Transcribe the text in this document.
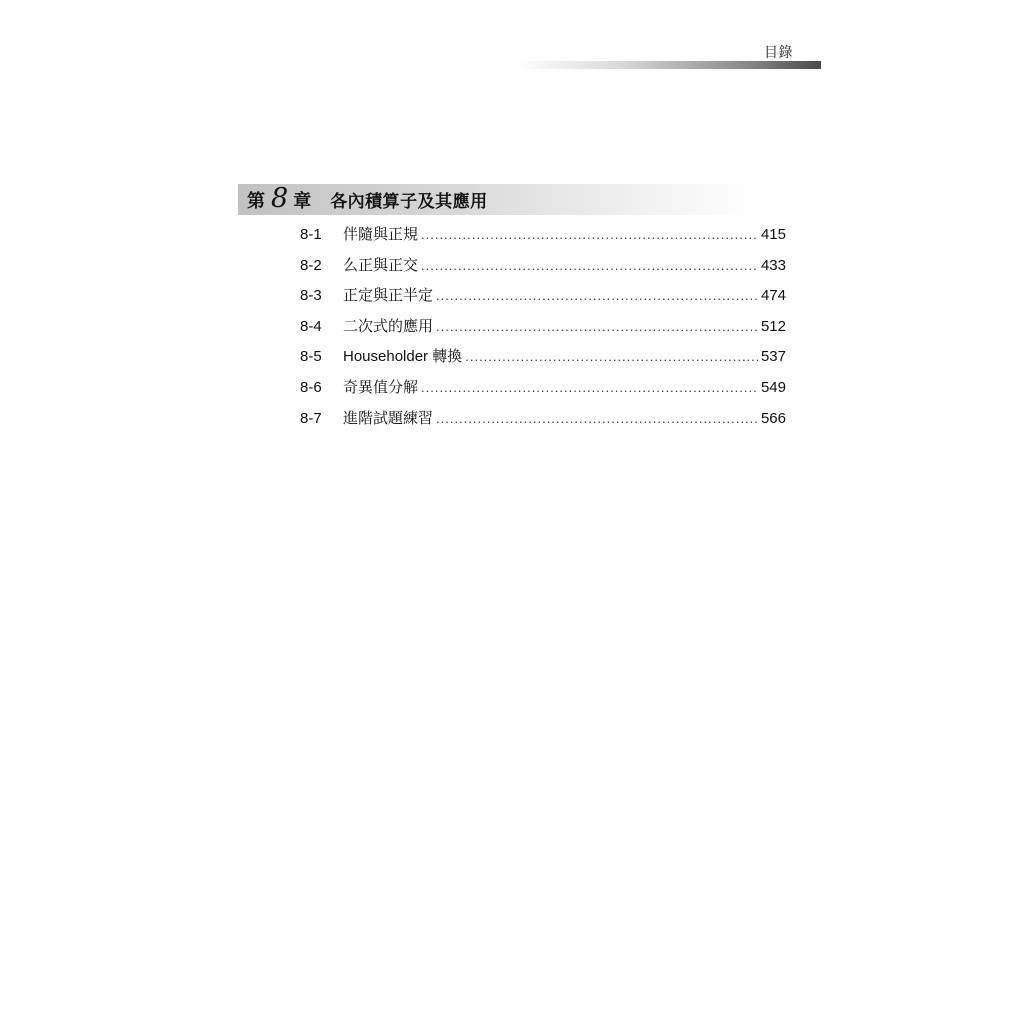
目錄
第 8 章 各內積算子及其應用
8-1	伴隨與正規 .....	415
8-2	么正與正交 .....	433
8-3	正定與正半定 .....	474
8-4	二次式的應用 .....	512
8-5	Householder 轉換 .....	537
8-6	奇異值分解 .....	549
8-7	進階試題練習 .....	566
